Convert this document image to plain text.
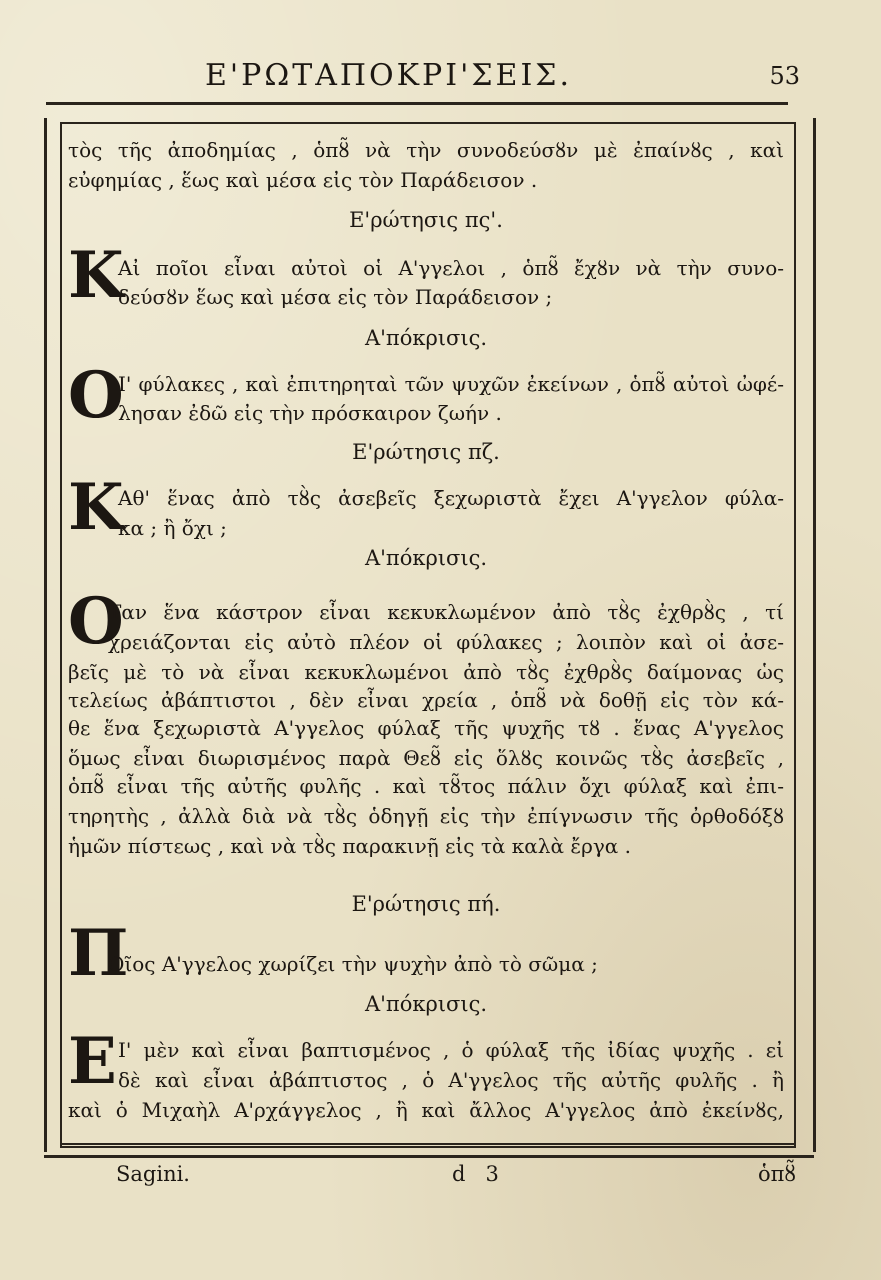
Ε'ΡΩΤΑΠΟΚΡΙ'ΣΕΙΣ.	53
τὸς τῆς ἀποδημίας , ὁπȣ̃ νὰ τὴν συνοδεύσȣν μὲ ἐπαίνȣς , καὶ
εὐφημίας , ἕως καὶ μέσα εἰς τὸν Παράδεισον .
Ε'ρώτησις πς'.
Κ
Αἰ ποῖοι εἶναι αὐτοὶ οἱ Α'γγελοι , ὁπȣ̃ ἔχȣν νὰ τὴν συνο-
δεύσȣν ἕως καὶ μέσα εἰς τὸν Παράδεισον ;
Α'πόκρισις.
Ο
Ι' φύλακες , καὶ ἐπιτηρηταὶ τῶν ψυχῶν ἐκείνων , ὁπȣ̃ αὐτοὶ ὠφέ-
λησαν ἐδῶ εἰς τὴν πρόσκαιρον ζωήν .
Ε'ρώτησις πζ.
Κ
Αθ' ἕνας ἀπὸ τȣ̀ς ἀσεβεῖς ξεχωριστὰ ἔχει Α'γγελον φύλα-
κα ; ἢ ὄχι ;
Α'πόκρισις.
Ο
Ταν ἕνα κάστρον εἶναι κεκυκλωμένον ἀπὸ τȣ̀ς ἐχθρȣ̀ς , τί
χρειάζονται εἰς αὐτὸ πλέον οἱ φύλακες ; λοιπὸν καὶ οἱ ἀσε-
βεῖς μὲ τὸ νὰ εἶναι κεκυκλωμένοι ἀπὸ τȣ̀ς ἐχθρȣ̀ς δαίμονας ὡς
τελείως ἀβάπτιστοι , δὲν εἶναι χρεία , ὁπȣ̃ νὰ δοθῇ εἰς τὸν κά-
θε ἕνα ξεχωριστὰ Α'γγελος φύλαξ τῆς ψυχῆς τȣ . ἕνας Α'γγελος
ὅμως εἶναι διωρισμένος παρὰ Θεȣ̃ εἰς ὅλȣς κοινῶς τȣ̀ς ἀσεβεῖς ,
ὁπȣ̃ εἶναι τῆς αὐτῆς φυλῆς . καὶ τȣ̃τος πάλιν ὄχι φύλαξ καὶ ἐπι-
τηρητὴς , ἀλλὰ διὰ νὰ τȣ̀ς ὁδηγῇ εἰς τὴν ἐπίγνωσιν τῆς ὀρθοδόξȣ
ἡμῶν πίστεως , καὶ νὰ τȣ̀ς παρακινῇ εἰς τὰ καλὰ ἔργα .
Ε'ρώτησις πή.
Π
Οῖος Α'γγελος χωρίζει τὴν ψυχὴν ἀπὸ τὸ σῶμα ;
Α'πόκρισις.
Ε Ι' μὲν καὶ εἶναι βαπτισμένος , ὁ φύλαξ τῆς ἰδίας ψυχῆς . εἰ
δὲ καὶ εἶναι ἀβάπτιστος , ὁ Α'γγελος τῆς αὐτῆς φυλῆς . ἢ
καὶ ὁ Μιχαὴλ Α'ρχάγγελος , ἢ καὶ ἄλλος Α'γγελος ἀπὸ ἐκείνȣς,
Sagini.	d   3	ὁπȣ̃
